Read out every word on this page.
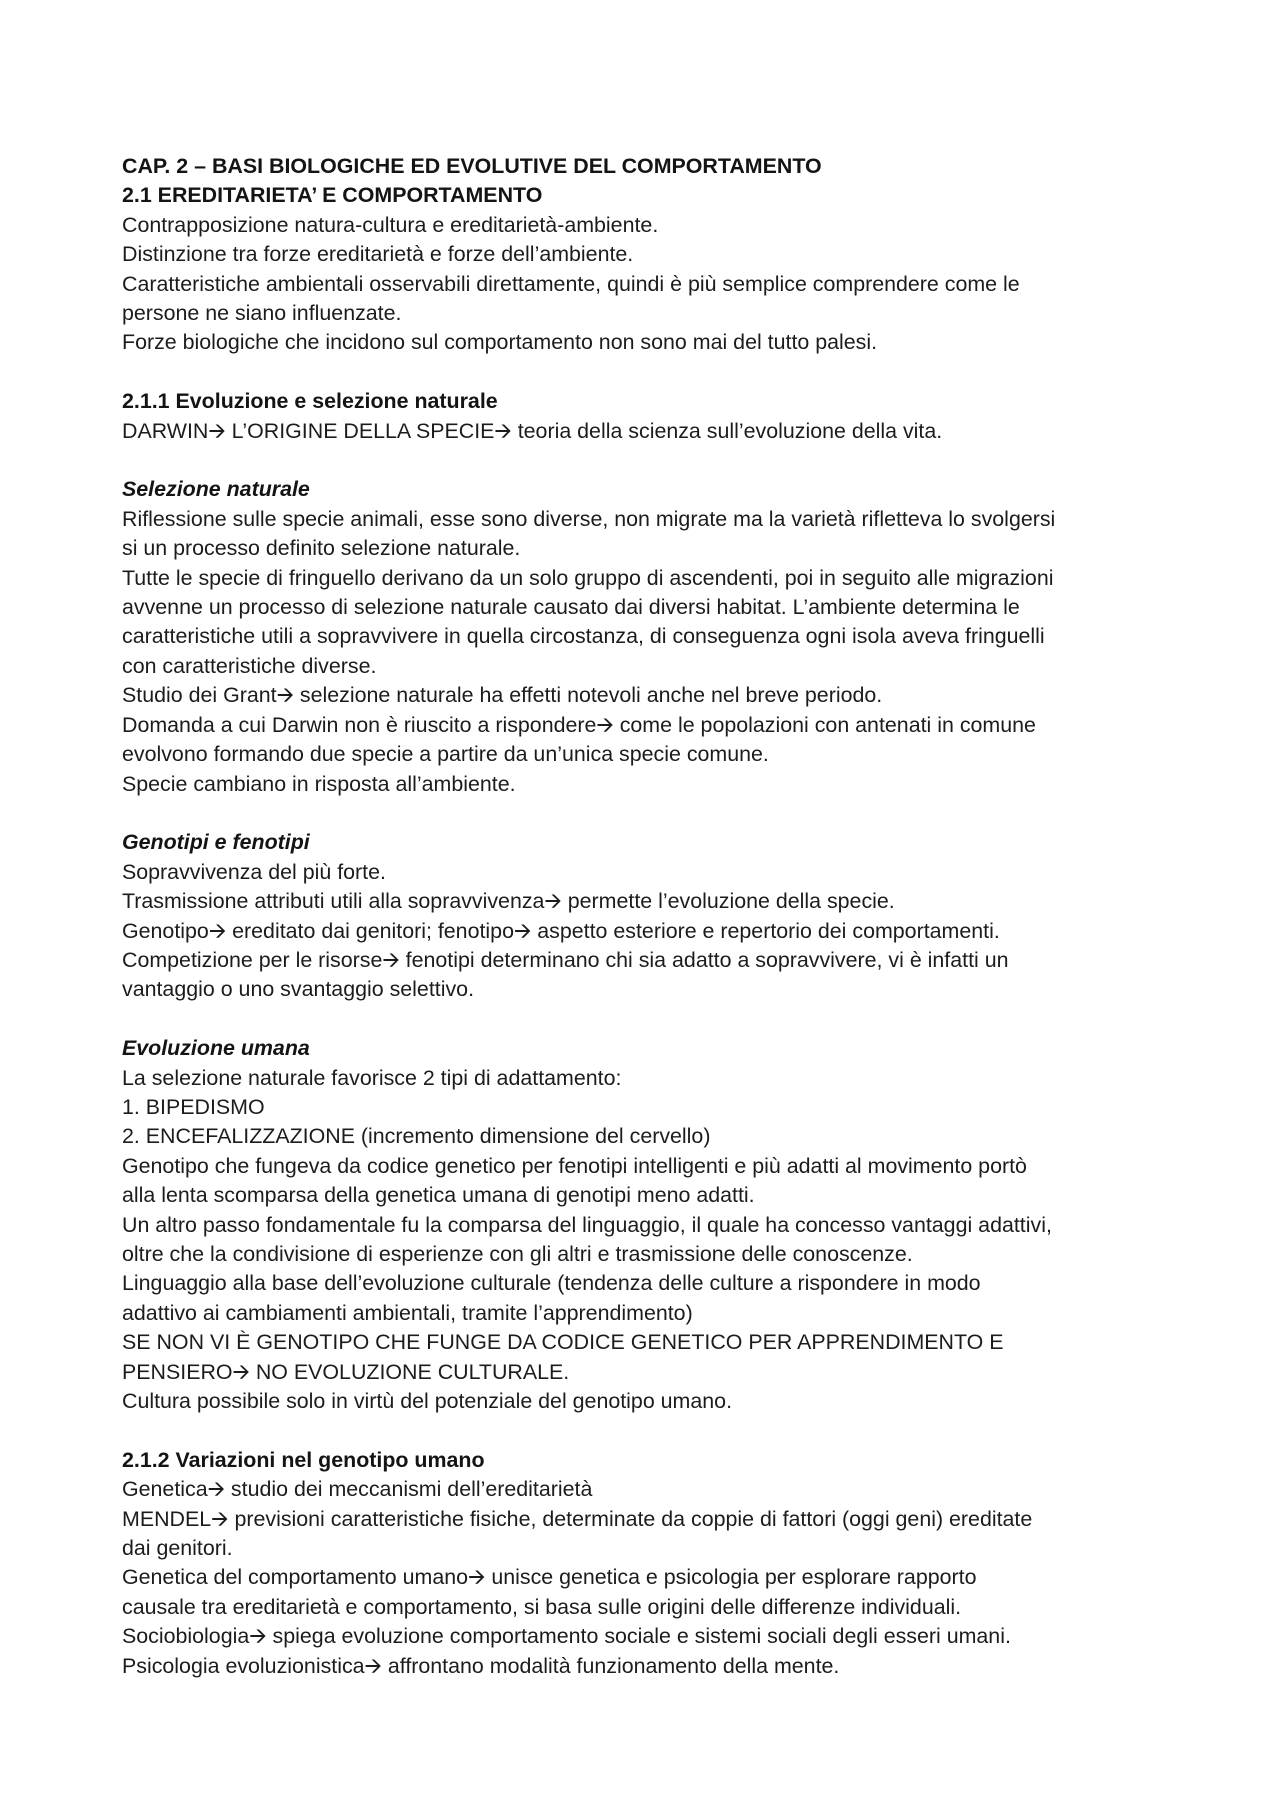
CAP. 2 – BASI BIOLOGICHE ED EVOLUTIVE DEL COMPORTAMENTO

2.1 EREDITARIETA’ E COMPORTAMENTO

Contrapposizione natura-cultura e ereditarietà-ambiente.

Distinzione tra forze ereditarietà e forze dell’ambiente.

Caratteristiche ambientali osservabili direttamente, quindi è più semplice comprendere come le

persone ne siano influenzate.

Forze biologiche che incidono sul comportamento non sono mai del tutto palesi.

2.1.1 Evoluzione e selezione naturale

DARWIN🡪 L’ORIGINE DELLA SPECIE🡪 teoria della scienza sull’evoluzione della vita.

Selezione naturale

Riflessione sulle specie animali, esse sono diverse, non migrate ma la varietà rifletteva lo svolgersi

si un processo definito selezione naturale.

Tutte le specie di fringuello derivano da un solo gruppo di ascendenti, poi in seguito alle migrazioni

avvenne un processo di selezione naturale causato dai diversi habitat. L’ambiente determina le

caratteristiche utili a sopravvivere in quella circostanza, di conseguenza ogni isola aveva fringuelli

con caratteristiche diverse.

Studio dei Grant🡪 selezione naturale ha effetti notevoli anche nel breve periodo.

Domanda a cui Darwin non è riuscito a rispondere🡪 come le popolazioni con antenati in comune

evolvono formando due specie a partire da un’unica specie comune.

Specie cambiano in risposta all’ambiente.

Genotipi e fenotipi

Sopravvivenza del più forte.

Trasmissione attributi utili alla sopravvivenza🡪 permette l’evoluzione della specie.

Genotipo🡪 ereditato dai genitori; fenotipo🡪 aspetto esteriore e repertorio dei comportamenti.

Competizione per le risorse🡪 fenotipi determinano chi sia adatto a sopravvivere, vi è infatti un

vantaggio o uno svantaggio selettivo.

Evoluzione umana

La selezione naturale favorisce 2 tipi di adattamento:

1. BIPEDISMO

2. ENCEFALIZZAZIONE (incremento dimensione del cervello)

Genotipo che fungeva da codice genetico per fenotipi intelligenti e più adatti al movimento portò

alla lenta scomparsa della genetica umana di genotipi meno adatti.

Un altro passo fondamentale fu la comparsa del linguaggio, il quale ha concesso vantaggi adattivi,

oltre che la condivisione di esperienze con gli altri e trasmissione delle conoscenze.

Linguaggio alla base dell’evoluzione culturale (tendenza delle culture a rispondere in modo

adattivo ai cambiamenti ambientali, tramite l’apprendimento)

SE NON VI È GENOTIPO CHE FUNGE DA CODICE GENETICO PER APPRENDIMENTO E

PENSIERO🡪 NO EVOLUZIONE CULTURALE.

Cultura possibile solo in virtù del potenziale del genotipo umano.

2.1.2 Variazioni nel genotipo umano

Genetica🡪 studio dei meccanismi dell’ereditarietà

MENDEL🡪 previsioni caratteristiche fisiche, determinate da coppie di fattori (oggi geni) ereditate

dai genitori.

Genetica del comportamento umano🡪 unisce genetica e psicologia per esplorare rapporto

causale tra ereditarietà e comportamento, si basa sulle origini delle differenze individuali.

Sociobiologia🡪 spiega evoluzione comportamento sociale e sistemi sociali degli esseri umani.

Psicologia evoluzionistica🡪 affrontano modalità funzionamento della mente.
